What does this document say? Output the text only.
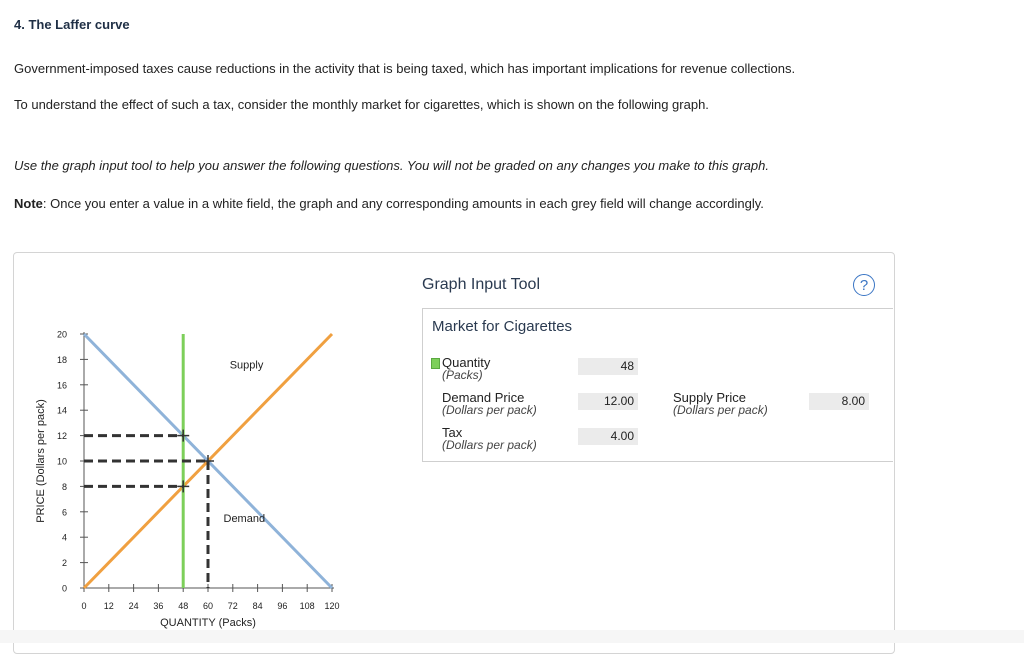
4. The Laffer curve
Government-imposed taxes cause reductions in the activity that is being taxed, which has important implications for revenue collections.
To understand the effect of such a tax, consider the monthly market for cigarettes, which is shown on the following graph.
Use the graph input tool to help you answer the following questions. You will not be graded on any changes you make to this graph.
Note: Once you enter a value in a white field, the graph and any corresponding amounts in each grey field will change accordingly.
0
2
4
6
8
10
12
14
16
18
20
0 12 24 36 48 60 72 84 96 108 120
QUANTITY (Packs)
PRICE (Dollars per pack)
Supply
Demand
Graph Input Tool	?
Market for Cigarettes
Quantity
(Packs)
48
Demand Price
(Dollars per pack)
12.00	Supply Price
(Dollars per pack)
8.00
Tax
(Dollars per pack)
4.00
